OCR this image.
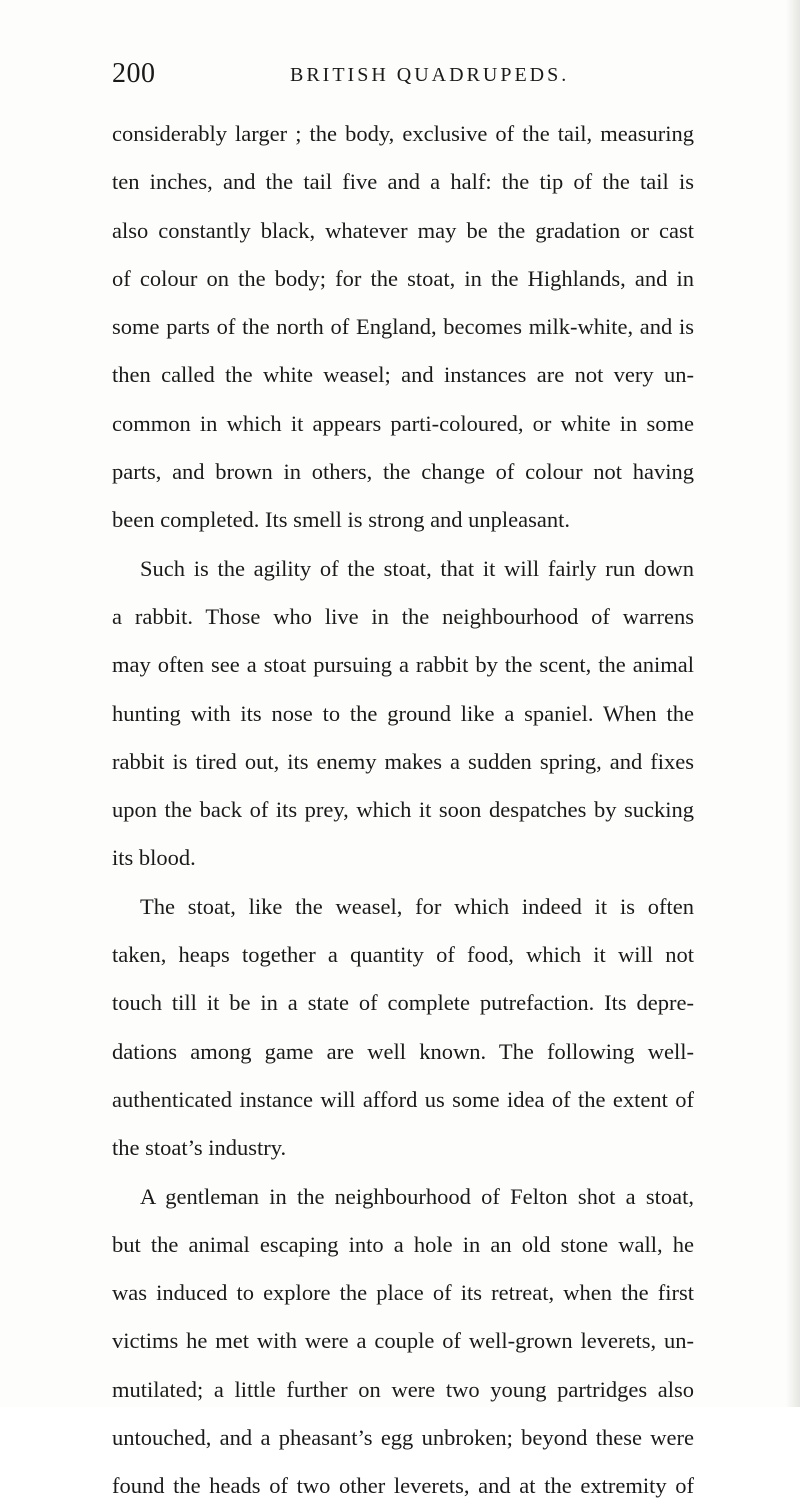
200	BRITISH QUADRUPEDS.
considerably larger ; the body, exclusive of the tail, measuring
ten inches, and the tail five and a half: the tip of the tail is
also constantly black, whatever may be the gradation or cast
of colour on the body; for the stoat, in the Highlands, and in
some parts of the north of England, becomes milk-white, and is
then called the white weasel; and instances are not very un-
common in which it appears parti-coloured, or white in some
parts, and brown in others, the change of colour not having
been completed. Its smell is strong and unpleasant.
Such is the agility of the stoat, that it will fairly run down
a rabbit. Those who live in the neighbourhood of warrens
may often see a stoat pursuing a rabbit by the scent, the animal
hunting with its nose to the ground like a spaniel. When the
rabbit is tired out, its enemy makes a sudden spring, and fixes
upon the back of its prey, which it soon despatches by sucking
its blood.
The stoat, like the weasel, for which indeed it is often
taken, heaps together a quantity of food, which it will not
touch till it be in a state of complete putrefaction. Its depre-
dations among game are well known. The following well-
authenticated instance will afford us some idea of the extent of
the stoat’s industry.
A gentleman in the neighbourhood of Felton shot a stoat,
but the animal escaping into a hole in an old stone wall, he
was induced to explore the place of its retreat, when the first
victims he met with were a couple of well-grown leverets, un-
mutilated; a little further on were two young partridges also
untouched, and a pheasant’s egg unbroken; beyond these were
found the heads of two other leverets, and at the extremity of
